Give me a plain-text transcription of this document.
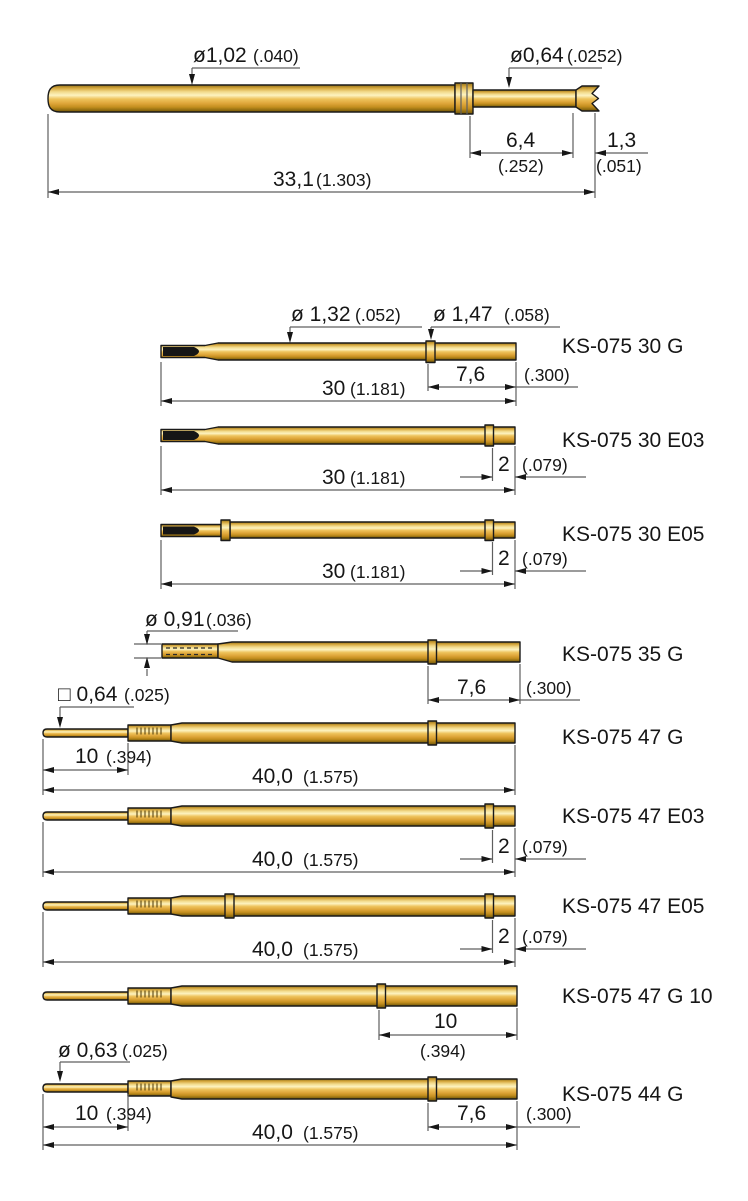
ø1,02 (.040)	ø0,64 (.0252)
6,4
(.252)
1,3
(.051)
33,1 (1.303)
ø 1,32 (.052) ø 1,47 (.058)
KS-075 30 G
7,6 (.300)
30 (1.181)
KS-075 30 E03
2 (.079)
30 (1.181)
KS-075 30 E05
2 (.079)
30 (1.181)
ø 0,91 (.036)
KS-075 35 G
7,6 (.300)
□ 0,64 (.025)
KS-075 47 G
10 (.394)
40,0 (1.575)
KS-075 47 E03
2 (.079)
40,0 (1.575)
KS-075 47 E05
2 (.079)
40,0 (1.575)
KS-075 47 G 10
10
(.394)
ø 0,63 (.025)
KS-075 44 G
10 (.394)	7,6 (.300)
40,0 (1.575)
